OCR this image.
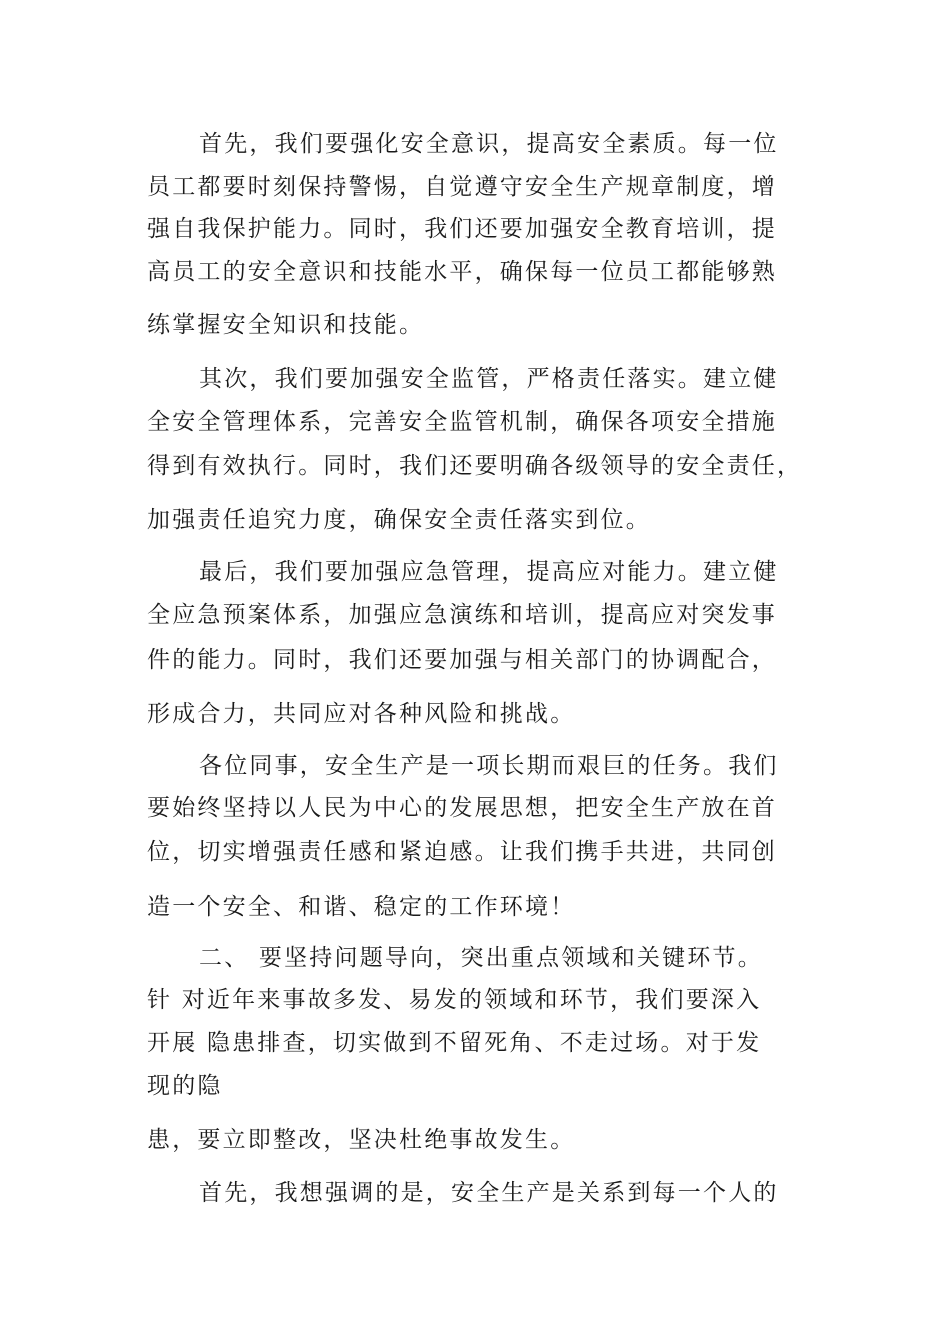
首先，我们要强化安全意识，提高安全素质。每一位

员工都要时刻保持警惕，自觉遵守安全生产规章制度，增

强自我保护能力。同时，我们还要加强安全教育培训，提

高员工的安全意识和技能水平，确保每一位员工都能够熟

练掌握安全知识和技能。

其次，我们要加强安全监管，严格责任落实。建立健

全安全管理体系，完善安全监管机制，确保各项安全措施

得到有效执行。同时，我们还要明确各级领导的安全责任，

加强责任追究力度，确保安全责任落实到位。

最后，我们要加强应急管理，提高应对能力。建立健

全应急预案体系，加强应急演练和培训，提高应对突发事

件的能力。同时，我们还要加强与相关部门的协调配合，

形成合力，共同应对各种风险和挑战。

各位同事，安全生产是一项长期而艰巨的任务。我们

要始终坚持以人民为中心的发展思想，把安全生产放在首

位，切实增强责任感和紧迫感。让我们携手共进，共同创

造一个安全、和谐、稳定的工作环境！

二、 要坚持问题导向，突出重点领域和关键环节。

针 对近年来事故多发、易发的领域和环节，我们要深入

开展 隐患排查，切实做到不留死角、不走过场。对于发

现的隐

患，要立即整改，坚决杜绝事故发生。

首先，我想强调的是，安全生产是关系到每一个人的
